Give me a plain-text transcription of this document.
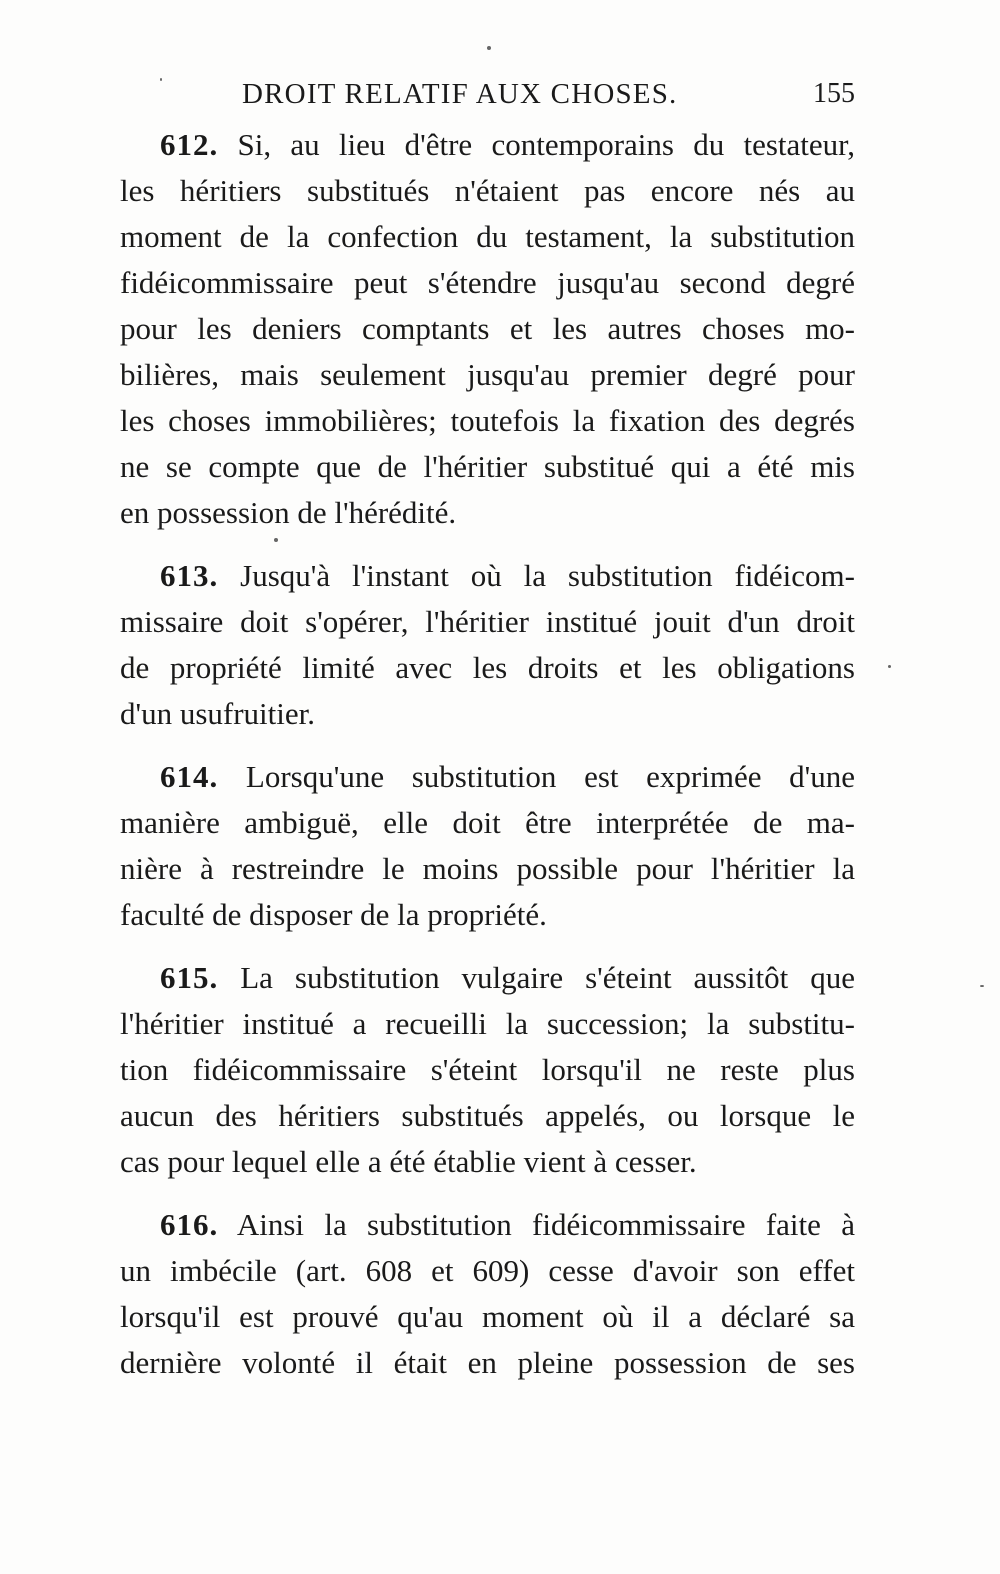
DROIT RELATIF AUX CHOSES.	155
612. Si, au lieu d'être contemporains du testateur,
les héritiers substitués n'étaient pas encore nés au
moment de la confection du testament, la substitution
fidéicommissaire peut s'étendre jusqu'au second degré
pour les deniers comptants et les autres choses mo-
bilières, mais seulement jusqu'au premier degré pour
les choses immobilières; toutefois la fixation des degrés
ne se compte que de l'héritier substitué qui a été mis
en possession de l'hérédité.
613. Jusqu'à l'instant où la substitution fidéicom-
missaire doit s'opérer, l'héritier institué jouit d'un droit
de propriété limité avec les droits et les obligations
d'un usufruitier.
614. Lorsqu'une substitution est exprimée d'une
manière ambiguë, elle doit être interprétée de ma-
nière à restreindre le moins possible pour l'héritier la
faculté de disposer de la propriété.
615. La substitution vulgaire s'éteint aussitôt que
l'héritier institué a recueilli la succession; la substitu-
tion fidéicommissaire s'éteint lorsqu'il ne reste plus
aucun des héritiers substitués appelés, ou lorsque le
cas pour lequel elle a été établie vient à cesser.
616. Ainsi la substitution fidéicommissaire faite à
un imbécile (art. 608 et 609) cesse d'avoir son effet
lorsqu'il est prouvé qu'au moment où il a déclaré sa
dernière volonté il était en pleine possession de ses
